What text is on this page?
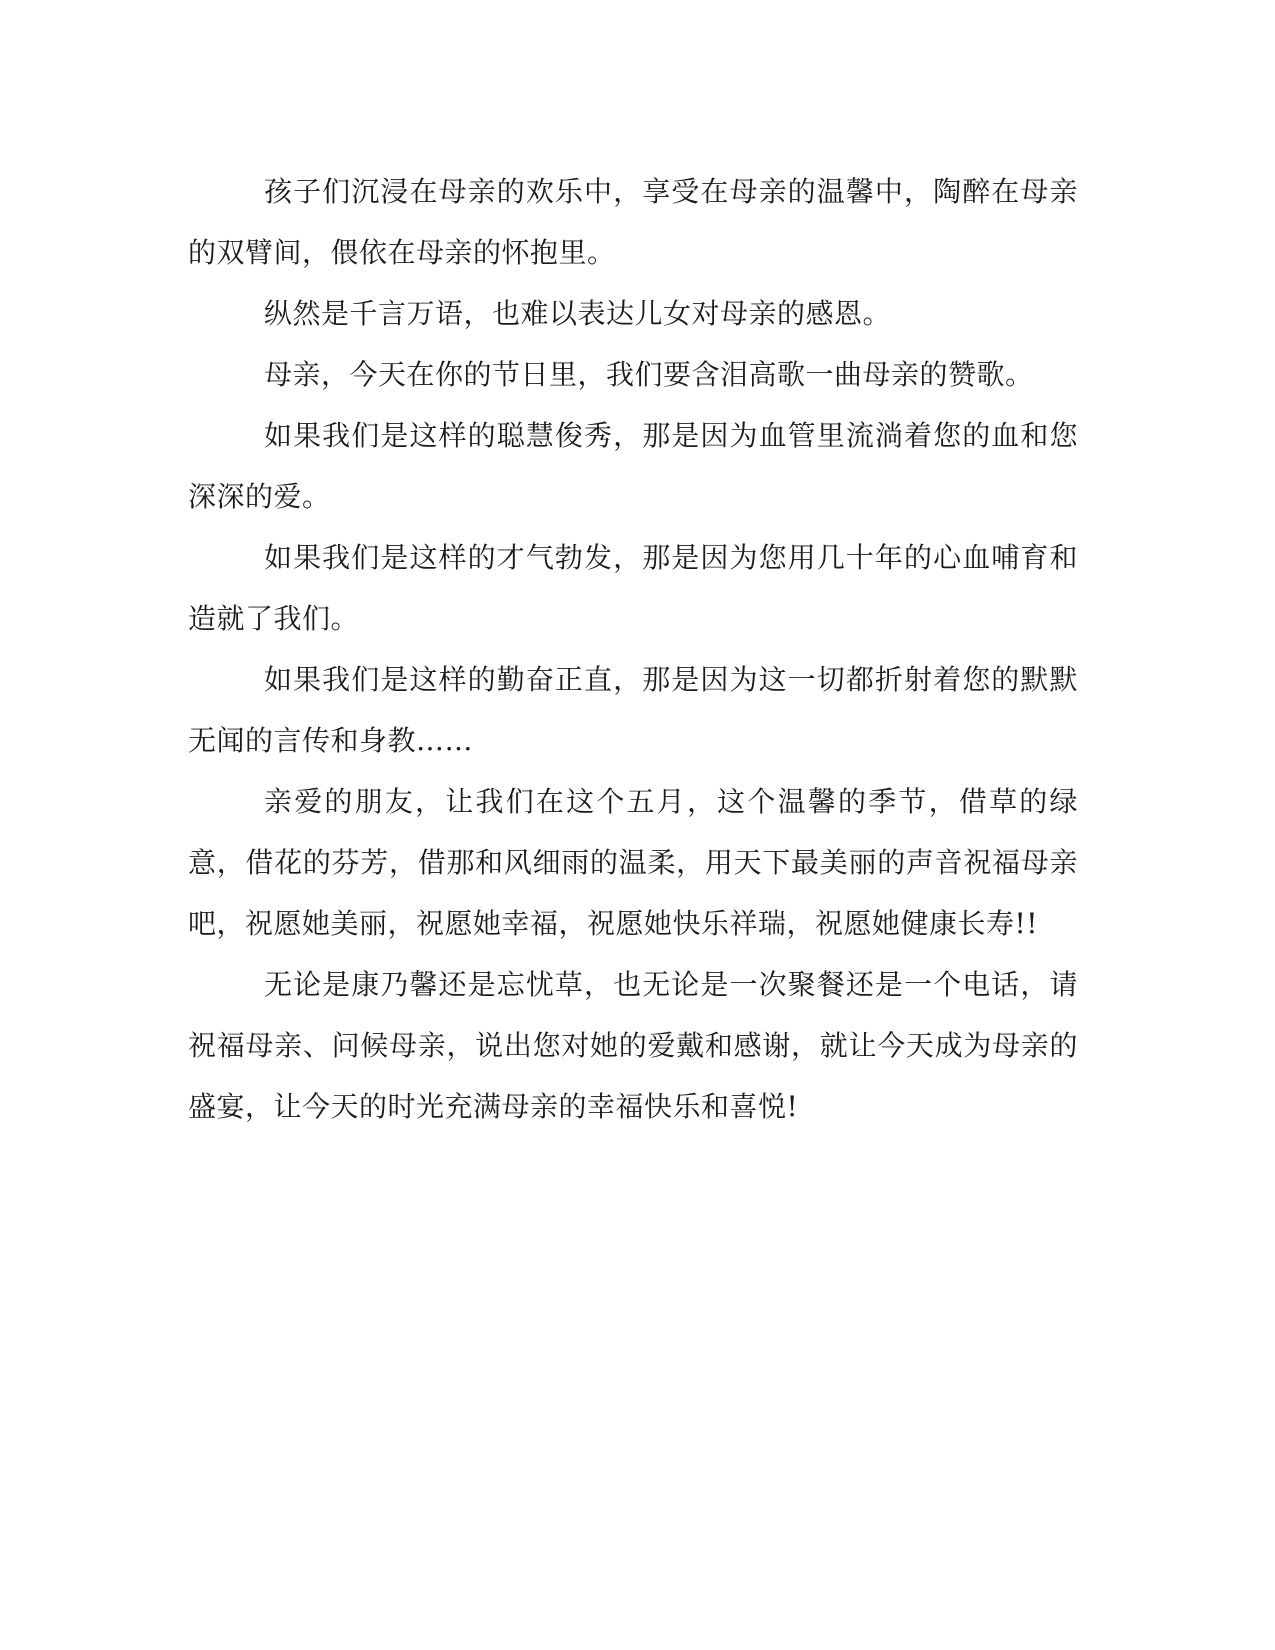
孩子们沉浸在母亲的欢乐中，享受在母亲的温馨中，陶醉在母亲的双臂间，偎依在母亲的怀抱里。

纵然是千言万语，也难以表达儿女对母亲的感恩。

母亲，今天在你的节日里，我们要含泪高歌一曲母亲的赞歌。

如果我们是这样的聪慧俊秀，那是因为血管里流淌着您的血和您深深的爱。

如果我们是这样的才气勃发，那是因为您用几十年的心血哺育和造就了我们。

如果我们是这样的勤奋正直，那是因为这一切都折射着您的默默无闻的言传和身教……

亲爱的朋友，让我们在这个五月，这个温馨的季节，借草的绿意，借花的芬芳，借那和风细雨的温柔，用天下最美丽的声音祝福母亲吧，祝愿她美丽，祝愿她幸福，祝愿她快乐祥瑞，祝愿她健康长寿!!

无论是康乃馨还是忘忧草，也无论是一次聚餐还是一个电话，请祝福母亲、问候母亲，说出您对她的爱戴和感谢，就让今天成为母亲的盛宴，让今天的时光充满母亲的幸福快乐和喜悦!
